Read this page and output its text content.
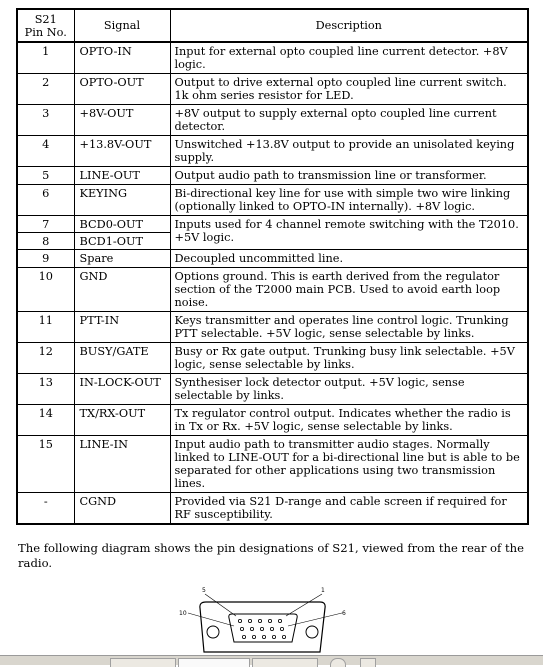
S21
Pin No.	Signal	Description
1	OPTO-IN	Input for external opto coupled line current detector. +8V logic.
2	OPTO-OUT	Output to drive external opto coupled line current switch. 1k ohm series resistor for LED.
3	+8V-OUT	+8V output to supply external opto coupled line current detector.
4	+13.8V-OUT	Unswitched +13.8V output to provide an unisolated keying supply.
5	LINE-OUT	Output audio path to transmission line or transformer.
6	KEYING	Bi-directional key line for use with simple two wire linking (optionally linked to OPTO-IN internally). +8V logic.
7	BCD0-OUT	Inputs used for 4 channel remote switching with the T2010. +5V logic.
8	BCD1-OUT	
9	Spare	Decoupled uncommitted line.
10	GND	Options ground. This is earth derived from the regulator section of the T2000 main PCB. Used to avoid earth loop noise.
11	PTT-IN	Keys transmitter and operates line control logic. Trunking PTT selectable. +5V logic, sense selectable by links.
12	BUSY/GATE	Busy or Rx gate output. Trunking busy link selectable. +5V logic, sense selectable by links.
13	IN-LOCK-OUT	Synthesiser lock detector output. +5V logic, sense selectable by links.
14	TX/RX-OUT	Tx regulator control output. Indicates whether the radio is in Tx or Rx. +5V logic, sense selectable by links.
15	LINE-IN	Input audio path to transmitter audio stages. Normally linked to LINE-OUT for a bi-directional line but is able to be separated for other applications using two transmission lines.
-	CGND	Provided via S21 D-range and cable screen if required for RF susceptibility.

The following diagram shows the pin designations of S21, viewed from the rear of the radio.

5	1
10	6
